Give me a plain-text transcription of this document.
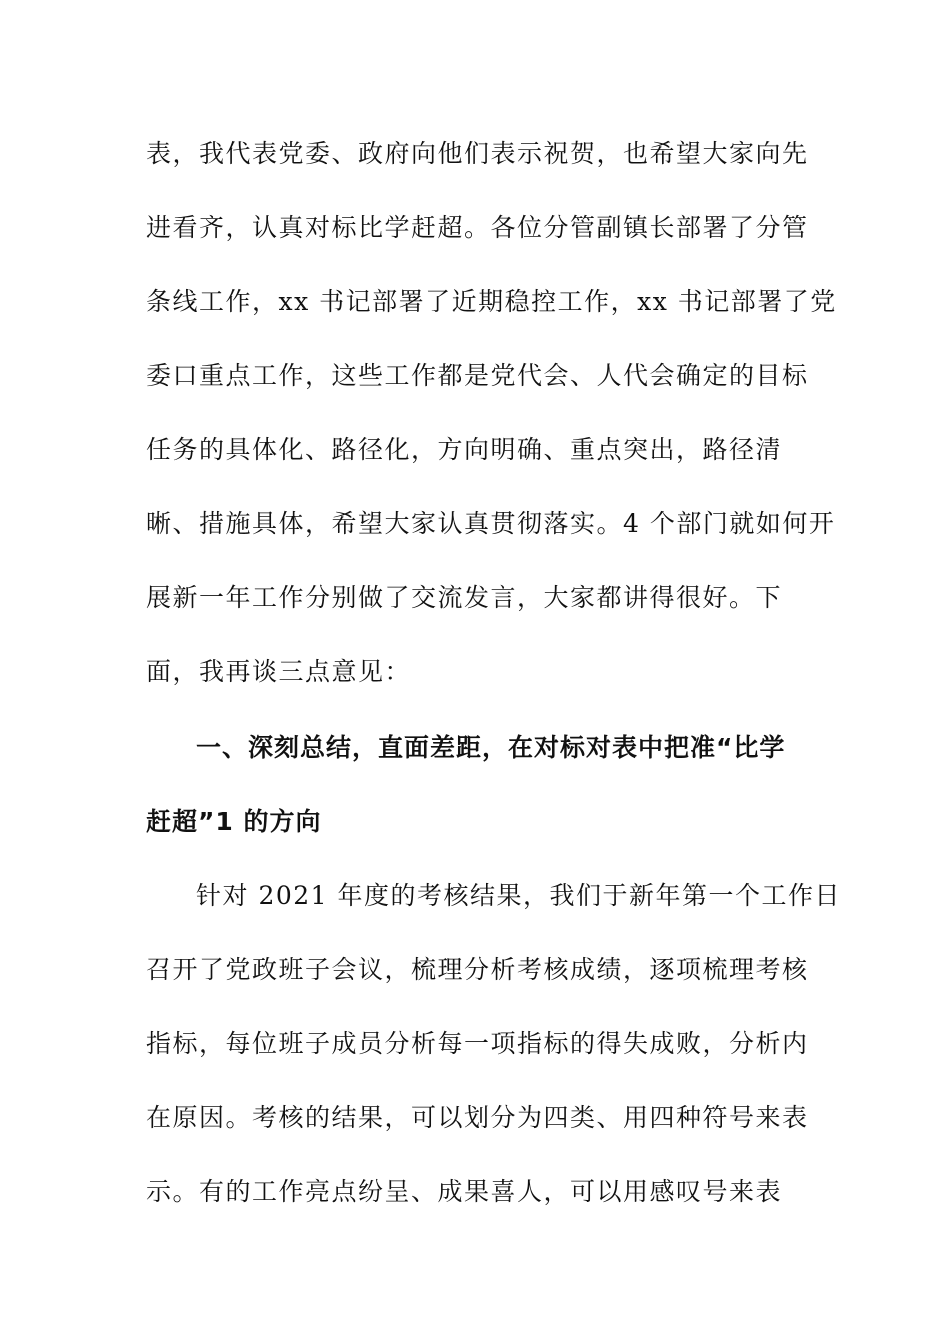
表，我代表党委、政府向他们表示祝贺，也希望大家向先
进看齐，认真对标比学赶超。各位分管副镇长部署了分管
条线工作，xx 书记部署了近期稳控工作，xx 书记部署了党
委口重点工作，这些工作都是党代会、人代会确定的目标
任务的具体化、路径化，方向明确、重点突出，路径清
晰、措施具体，希望大家认真贯彻落实。4 个部门就如何开
展新一年工作分别做了交流发言，大家都讲得很好。下
面，我再谈三点意见：
一、深刻总结，直面差距，在对标对表中把准“比学
赶超”1 的方向
针对 2021 年度的考核结果，我们于新年第一个工作日
召开了党政班子会议，梳理分析考核成绩，逐项梳理考核
指标，每位班子成员分析每一项指标的得失成败，分析内
在原因。考核的结果，可以划分为四类、用四种符号来表
示。有的工作亮点纷呈、成果喜人，可以用感叹号来表
